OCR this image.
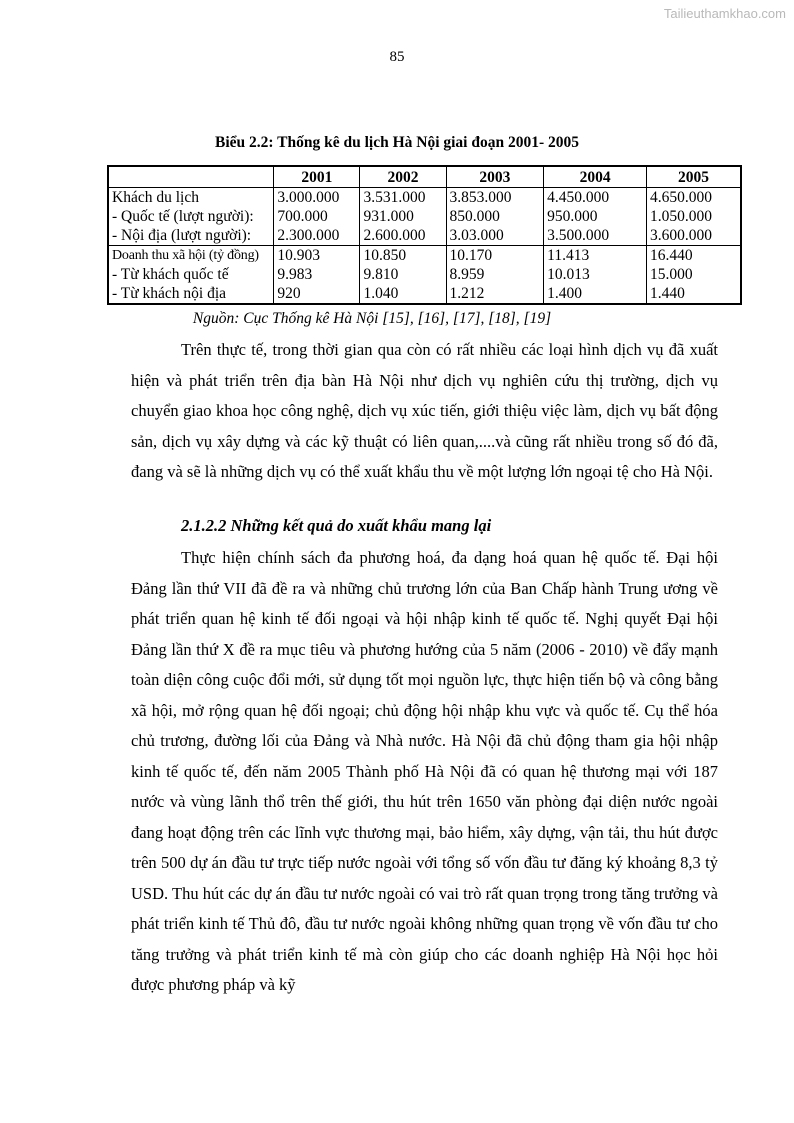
Tailieuthamkhao.com
85
Biểu 2.2: Thống kê du lịch Hà Nội giai đoạn 2001- 2005
	2001	2002	2003	2004	2005
Khách du lịch	3.000.000	3.531.000	3.853.000	4.450.000	4.650.000
- Quốc tế (lượt người):	700.000	931.000	850.000	950.000	1.050.000
- Nội địa (lượt người):	2.300.000	2.600.000	3.03.000	3.500.000	3.600.000
Doanh thu xã hội (tỷ đồng)	10.903	10.850	10.170	11.413	16.440
- Từ khách quốc tế	9.983	9.810	8.959	10.013	15.000
- Từ khách nội địa	920	1.040	1.212	1.400	1.440
Nguồn: Cục Thống kê Hà Nội [15], [16], [17], [18], [19]

Trên thực tế, trong thời gian qua còn có rất nhiều các loại hình dịch vụ đã xuất hiện và phát triển trên địa bàn Hà Nội như dịch vụ nghiên cứu thị trường, dịch vụ chuyển giao khoa học công nghệ, dịch vụ xúc tiến, giới thiệu việc làm, dịch vụ bất động sản, dịch vụ xây dựng và các kỹ thuật có liên quan,....và cũng rất nhiều trong số đó đã, đang và sẽ là những dịch vụ có thể xuất khẩu thu về một lượng lớn ngoại tệ cho Hà Nội.

2.1.2.2 Những kết quả do xuất khẩu mang lại

Thực hiện chính sách đa phương hoá, đa dạng hoá quan hệ quốc tế. Đại hội Đảng lần thứ VII đã đề ra và những chủ trương lớn của Ban Chấp hành Trung ương về phát triển quan hệ kinh tế đối ngoại và hội nhập kinh tế quốc tế. Nghị quyết Đại hội Đảng lần thứ X đề ra mục tiêu và phương hướng của 5 năm (2006 - 2010) về đẩy mạnh toàn diện công cuộc đổi mới, sử dụng tốt mọi nguồn lực, thực hiện tiến bộ và công bằng xã hội, mở rộng quan hệ đối ngoại; chủ động hội nhập khu vực và quốc tế. Cụ thể hóa chủ trương, đường lối của Đảng và Nhà nước. Hà Nội đã chủ động tham gia hội nhập kinh tế quốc tế, đến năm 2005 Thành phố Hà Nội đã có quan hệ thương mại với 187 nước và vùng lãnh thổ trên thế giới, thu hút trên 1650 văn phòng đại diện nước ngoài đang hoạt động trên các lĩnh vực thương mại, bảo hiểm, xây dựng, vận tải, thu hút được trên 500 dự án đầu tư trực tiếp nước ngoài với tổng số vốn đầu tư đăng ký khoảng 8,3 tỷ USD. Thu hút các dự án đầu tư nước ngoài có vai trò rất quan trọng trong tăng trưởng và phát triển kinh tế Thủ đô, đầu tư nước ngoài không những quan trọng về vốn đầu tư cho tăng trưởng và phát triển kinh tế mà còn giúp cho các doanh nghiệp Hà Nội học hỏi được phương pháp và kỹ
